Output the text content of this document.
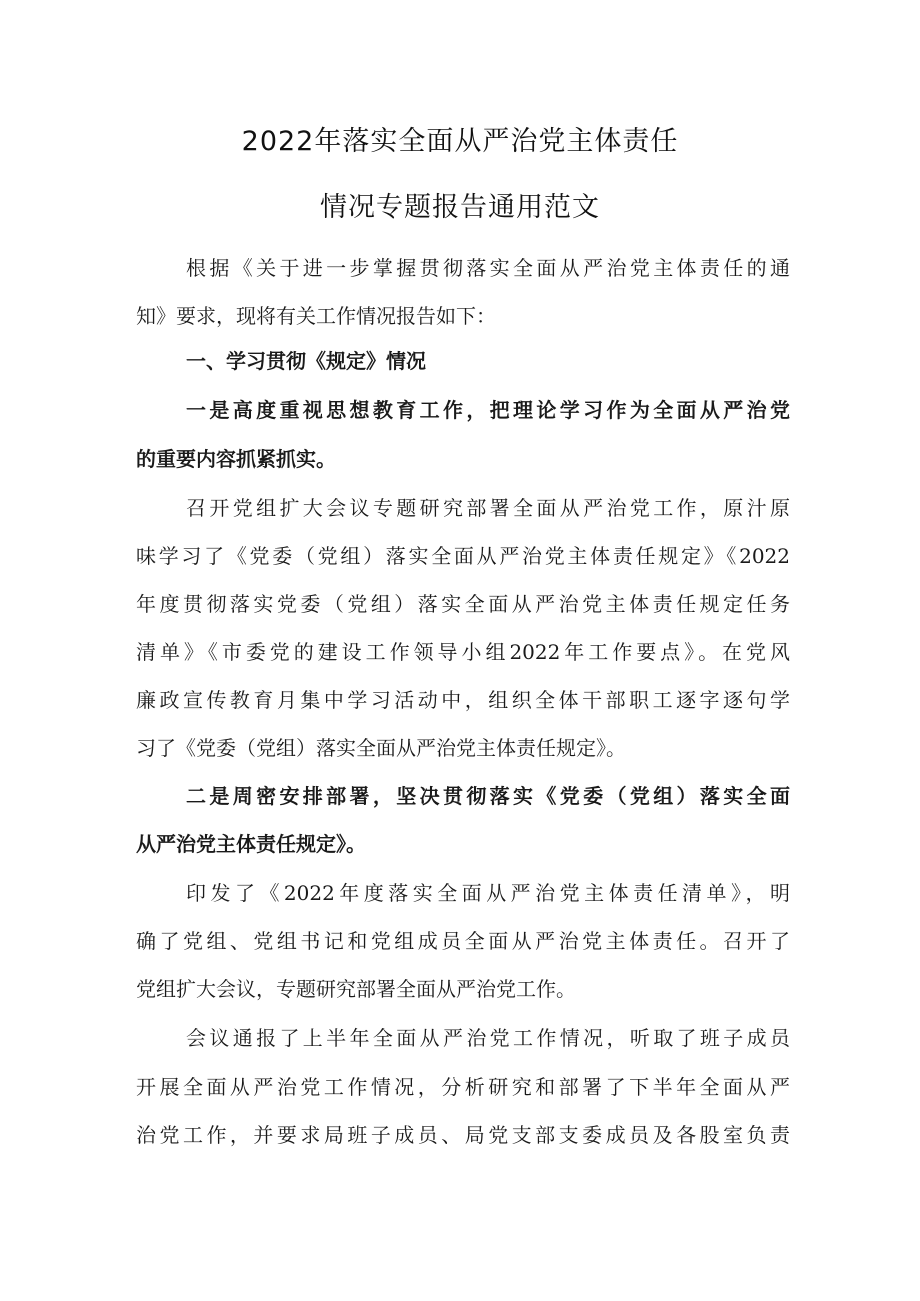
2022年落实全面从严治党主体责任
情况专题报告通用范文
根据《关于进一步掌握贯彻落实全面从严治党主体责任的通
知》要求，现将有关工作情况报告如下：
一、学习贯彻《规定》情况
一是高度重视思想教育工作，把理论学习作为全面从严治党
的重要内容抓紧抓实。
召开党组扩大会议专题研究部署全面从严治党工作，原汁原
味学习了《党委（党组）落实全面从严治党主体责任规定》《2022
年度贯彻落实党委（党组）落实全面从严治党主体责任规定任务
清单》《市委党的建设工作领导小组2022年工作要点》。在党风
廉政宣传教育月集中学习活动中，组织全体干部职工逐字逐句学
习了《党委（党组）落实全面从严治党主体责任规定》。
二是周密安排部署，坚决贯彻落实《党委（党组）落实全面
从严治党主体责任规定》。
印发了《2022年度落实全面从严治党主体责任清单》，明
确了党组、党组书记和党组成员全面从严治党主体责任。召开了
党组扩大会议，专题研究部署全面从严治党工作。
会议通报了上半年全面从严治党工作情况，听取了班子成员
开展全面从严治党工作情况，分析研究和部署了下半年全面从严
治党工作，并要求局班子成员、局党支部支委成员及各股室负责
